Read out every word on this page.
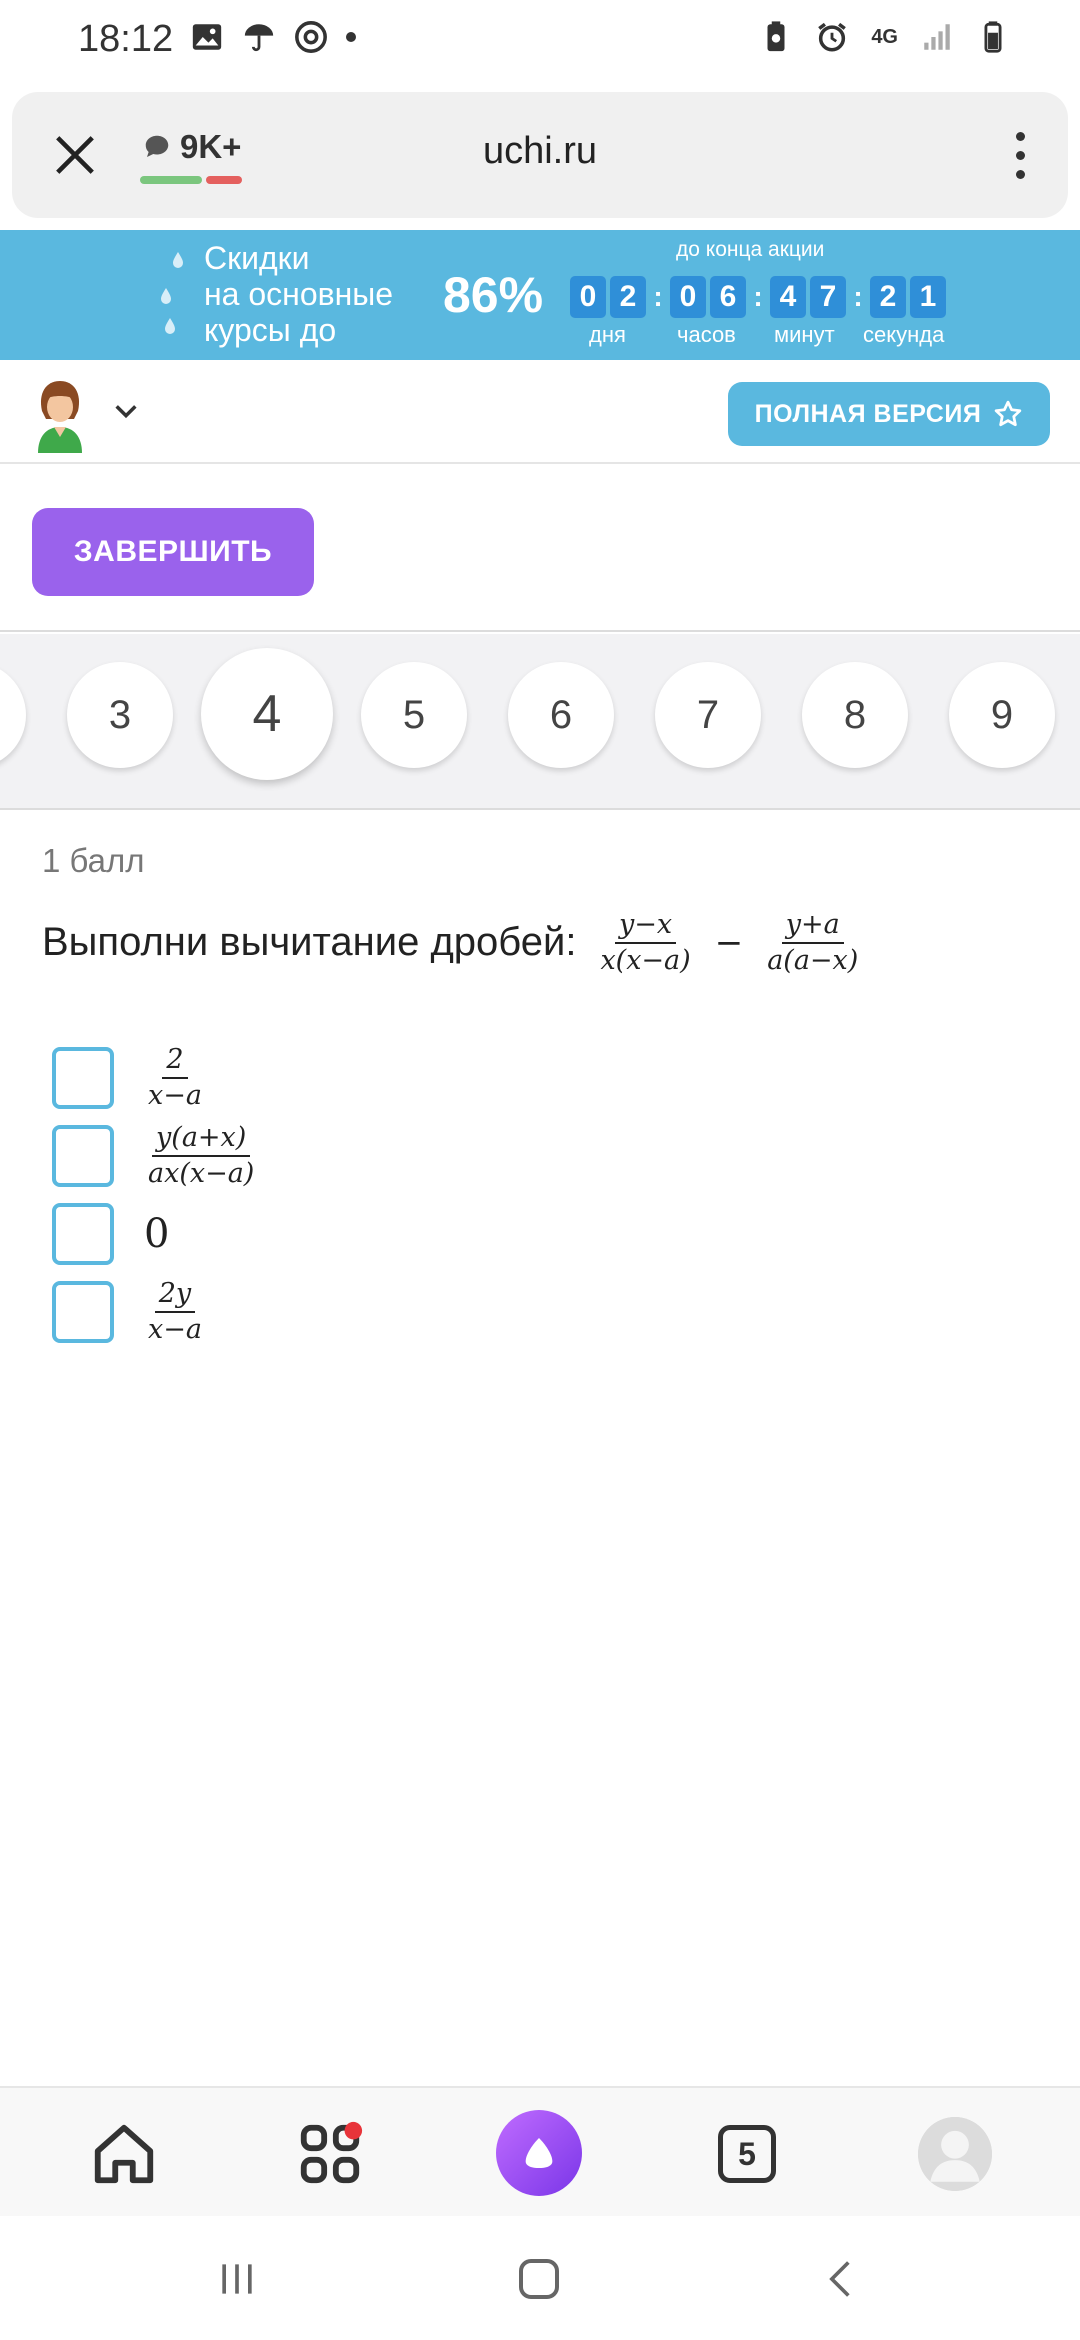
18:12	4G
9K+	uchi.ru
Скидки
на основные
курсы до
86%
до конца акции
0 2 : 0 6 : 4 7 : 2 1
дня часов минут секунда
ПОЛНАЯ ВЕРСИЯ
ЗАВЕРШИТЬ
3	4	5	6	7	8	9
1 балл
Выполни вычитание дробей: $\frac{y-x}{x(x-a)} - \frac{y+a}{a(a-x)}$
$\frac{2}{x-a}$
$\frac{y(a+x)}{ax(x-a)}$
0
$\frac{2y}{x-a}$
5
